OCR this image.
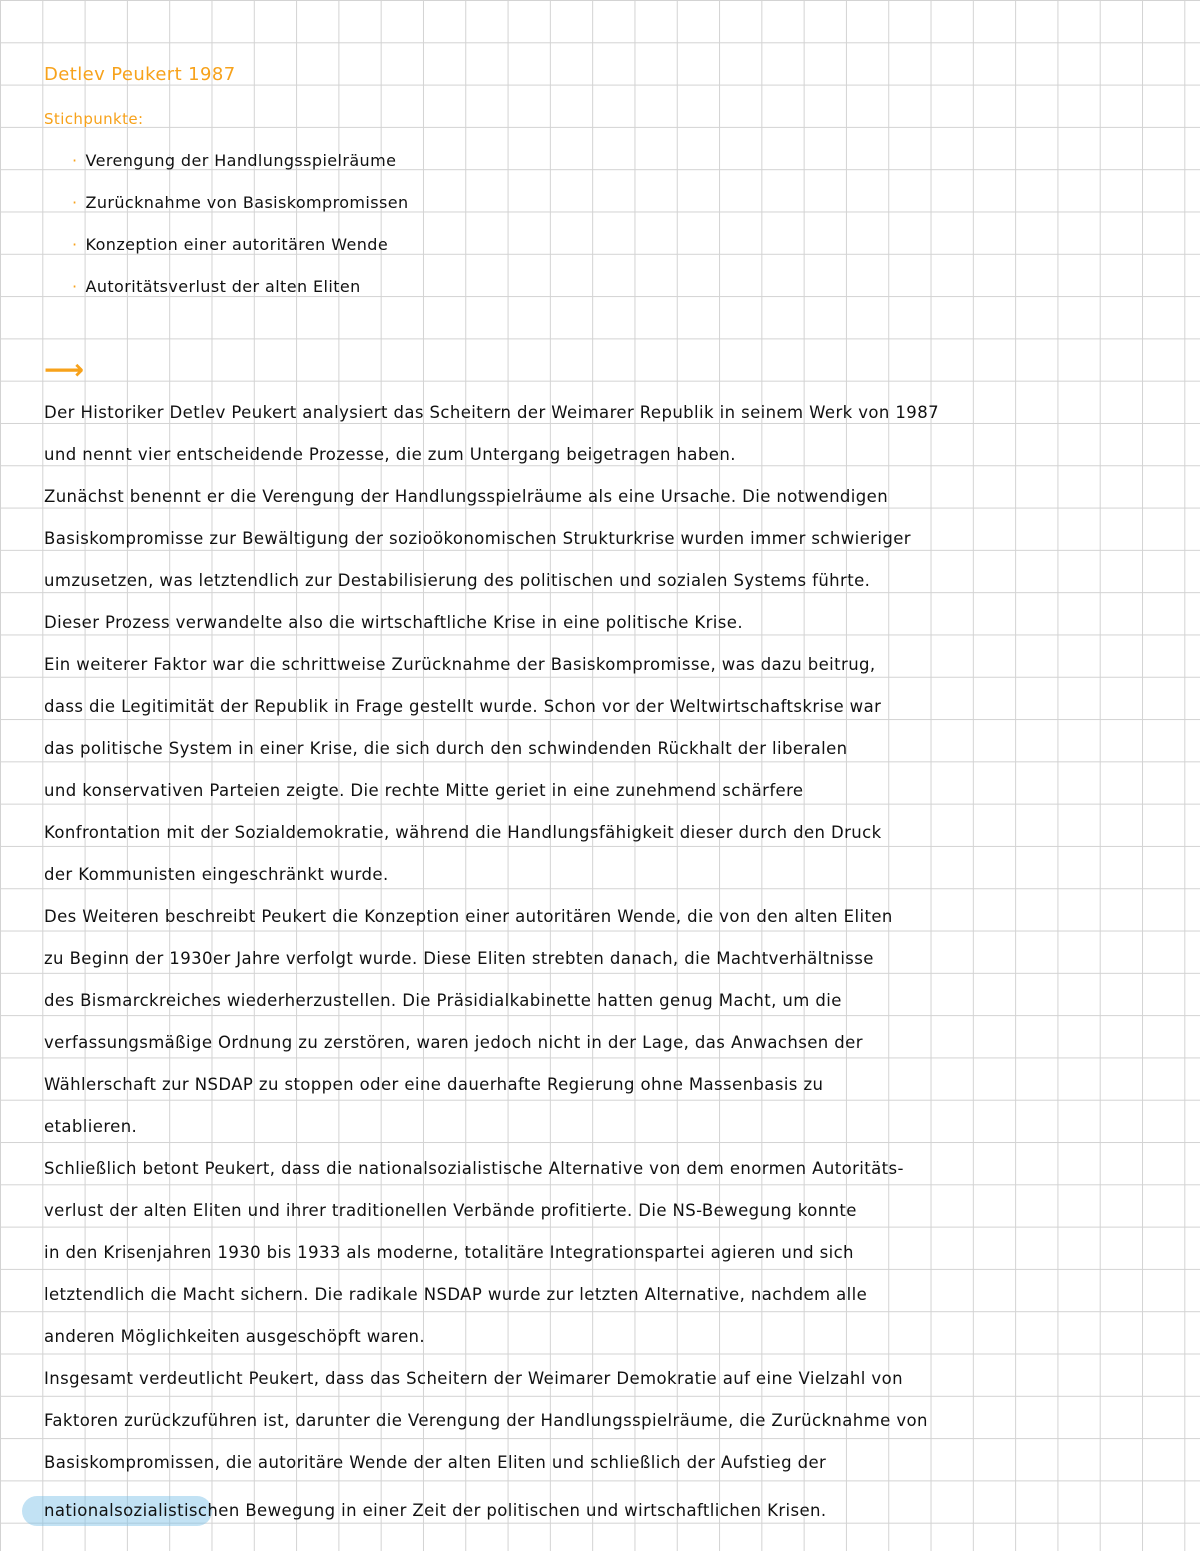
Detlev Peukert 1987
Stichpunkte:
· Verengung der Handlungsspielräume
· Zurücknahme von Basiskompromissen
· Konzeption einer autoritären Wende
· Autoritätsverlust der alten Eliten
⟶
Der Historiker Detlev Peukert analysiert das Scheitern der Weimarer Republik in seinem Werk von 1987
und nennt vier entscheidende Prozesse, die zum Untergang beigetragen haben.
Zunächst benennt er die Verengung der Handlungsspielräume als eine Ursache. Die notwendigen
Basiskompromisse zur Bewältigung der sozioökonomischen Strukturkrise wurden immer schwieriger
umzusetzen, was letztendlich zur Destabilisierung des politischen und sozialen Systems führte.
Dieser Prozess verwandelte also die wirtschaftliche Krise in eine politische Krise.
Ein weiterer Faktor war die schrittweise Zurücknahme der Basiskompromisse, was dazu beitrug,
dass die Legitimität der Republik in Frage gestellt wurde. Schon vor der Weltwirtschaftskrise war
das politische System in einer Krise, die sich durch den schwindenden Rückhalt der liberalen
und konservativen Parteien zeigte. Die rechte Mitte geriet in eine zunehmend schärfere
Konfrontation mit der Sozialdemokratie, während die Handlungsfähigkeit dieser durch den Druck
der Kommunisten eingeschränkt wurde.
Des Weiteren beschreibt Peukert die Konzeption einer autoritären Wende, die von den alten Eliten
zu Beginn der 1930er Jahre verfolgt wurde. Diese Eliten strebten danach, die Machtverhältnisse
des Bismarckreiches wiederherzustellen. Die Präsidialkabinette hatten genug Macht, um die
verfassungsmäßige Ordnung zu zerstören, waren jedoch nicht in der Lage, das Anwachsen der
Wählerschaft zur NSDAP zu stoppen oder eine dauerhafte Regierung ohne Massenbasis zu
etablieren.
Schließlich betont Peukert, dass die nationalsozialistische Alternative von dem enormen Autoritäts-
verlust der alten Eliten und ihrer traditionellen Verbände profitierte. Die NS-Bewegung konnte
in den Krisenjahren 1930 bis 1933 als moderne, totalitäre Integrationspartei agieren und sich
letztendlich die Macht sichern. Die radikale NSDAP wurde zur letzten Alternative, nachdem alle
anderen Möglichkeiten ausgeschöpft waren.
Insgesamt verdeutlicht Peukert, dass das Scheitern der Weimarer Demokratie auf eine Vielzahl von
Faktoren zurückzuführen ist, darunter die Verengung der Handlungsspielräume, die Zurücknahme von
Basiskompromissen, die autoritäre Wende der alten Eliten und schließlich der Aufstieg der
nationalsozialistischen Bewegung in einer Zeit der politischen und wirtschaftlichen Krisen.
